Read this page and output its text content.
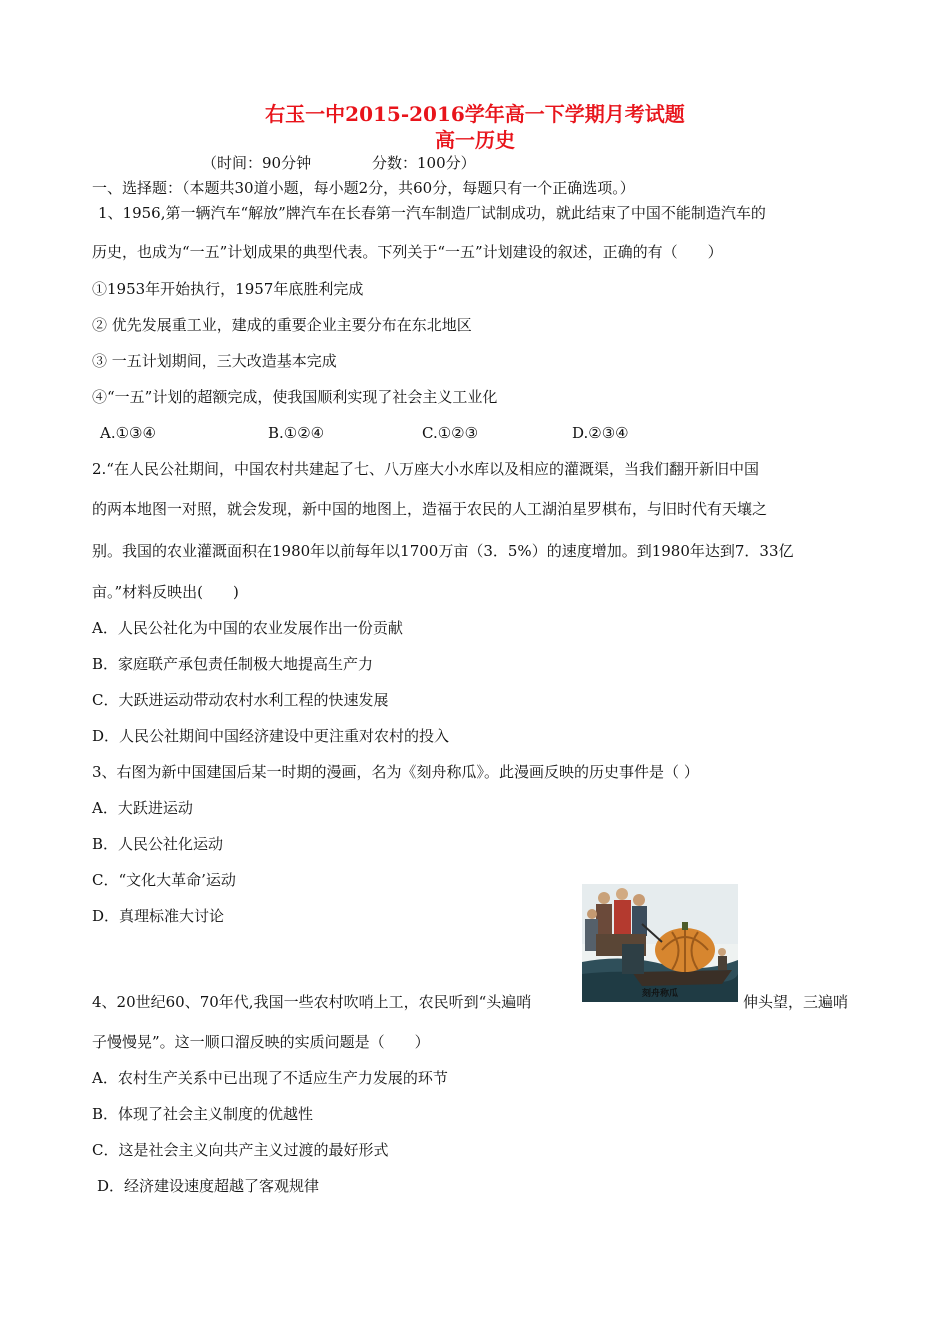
右玉一中2015-2016学年高一下学期月考试题
高一历史
（时间：90分钟	分数：100分）
一、选择题：（本题共30道小题，每小题2分，共60分，每题只有一个正确选项。）
1、1956,第一辆汽车“解放”牌汽车在长春第一汽车制造厂试制成功，就此结束了中国不能制造汽车的
历史，也成为“一五”计划成果的典型代表。下列关于“一五”计划建设的叙述，正确的有（　　）
①1953年开始执行，1957年底胜利完成
② 优先发展重工业，建成的重要企业主要分布在东北地区
③ 一五计划期间，三大改造基本完成
④“一五”计划的超额完成，使我国顺利实现了社会主义工业化
A.①③④	B.①②④	C.①②③	D.②③④
2.“在人民公社期间，中国农村共建起了七、八万座大小水库以及相应的灌溉渠，当我们翻开新旧中国
的两本地图一对照，就会发现，新中国的地图上，造福于农民的人工湖泊星罗棋布，与旧时代有天壤之
别。我国的农业灌溉面积在1980年以前每年以1700万亩（3．5%）的速度增加。到1980年达到7．33亿
亩。”材料反映出(　　)
A．人民公社化为中国的农业发展作出一份贡献
B．家庭联产承包责任制极大地提高生产力
C．大跃进运动带动农村水利工程的快速发展
D．人民公社期间中国经济建设中更注重对农村的投入
3、右图为新中国建国后某一时期的漫画，名为《刻舟称瓜》。此漫画反映的历史事件是（ ）
A．大跃进运动
B．人民公社化运动
C．“文化大革命’运动
D．真理标准大讨论
4、20世纪60、70年代,我国一些农村吹哨上工，农民听到“头遍哨	伸头望，三遍哨
子慢慢晃”。这一顺口溜反映的实质问题是（　　）
A．农村生产关系中已出现了不适应生产力发展的环节
B．体现了社会主义制度的优越性
C．这是社会主义向共产主义过渡的最好形式
D．经济建设速度超越了客观规律
刻舟称瓜
